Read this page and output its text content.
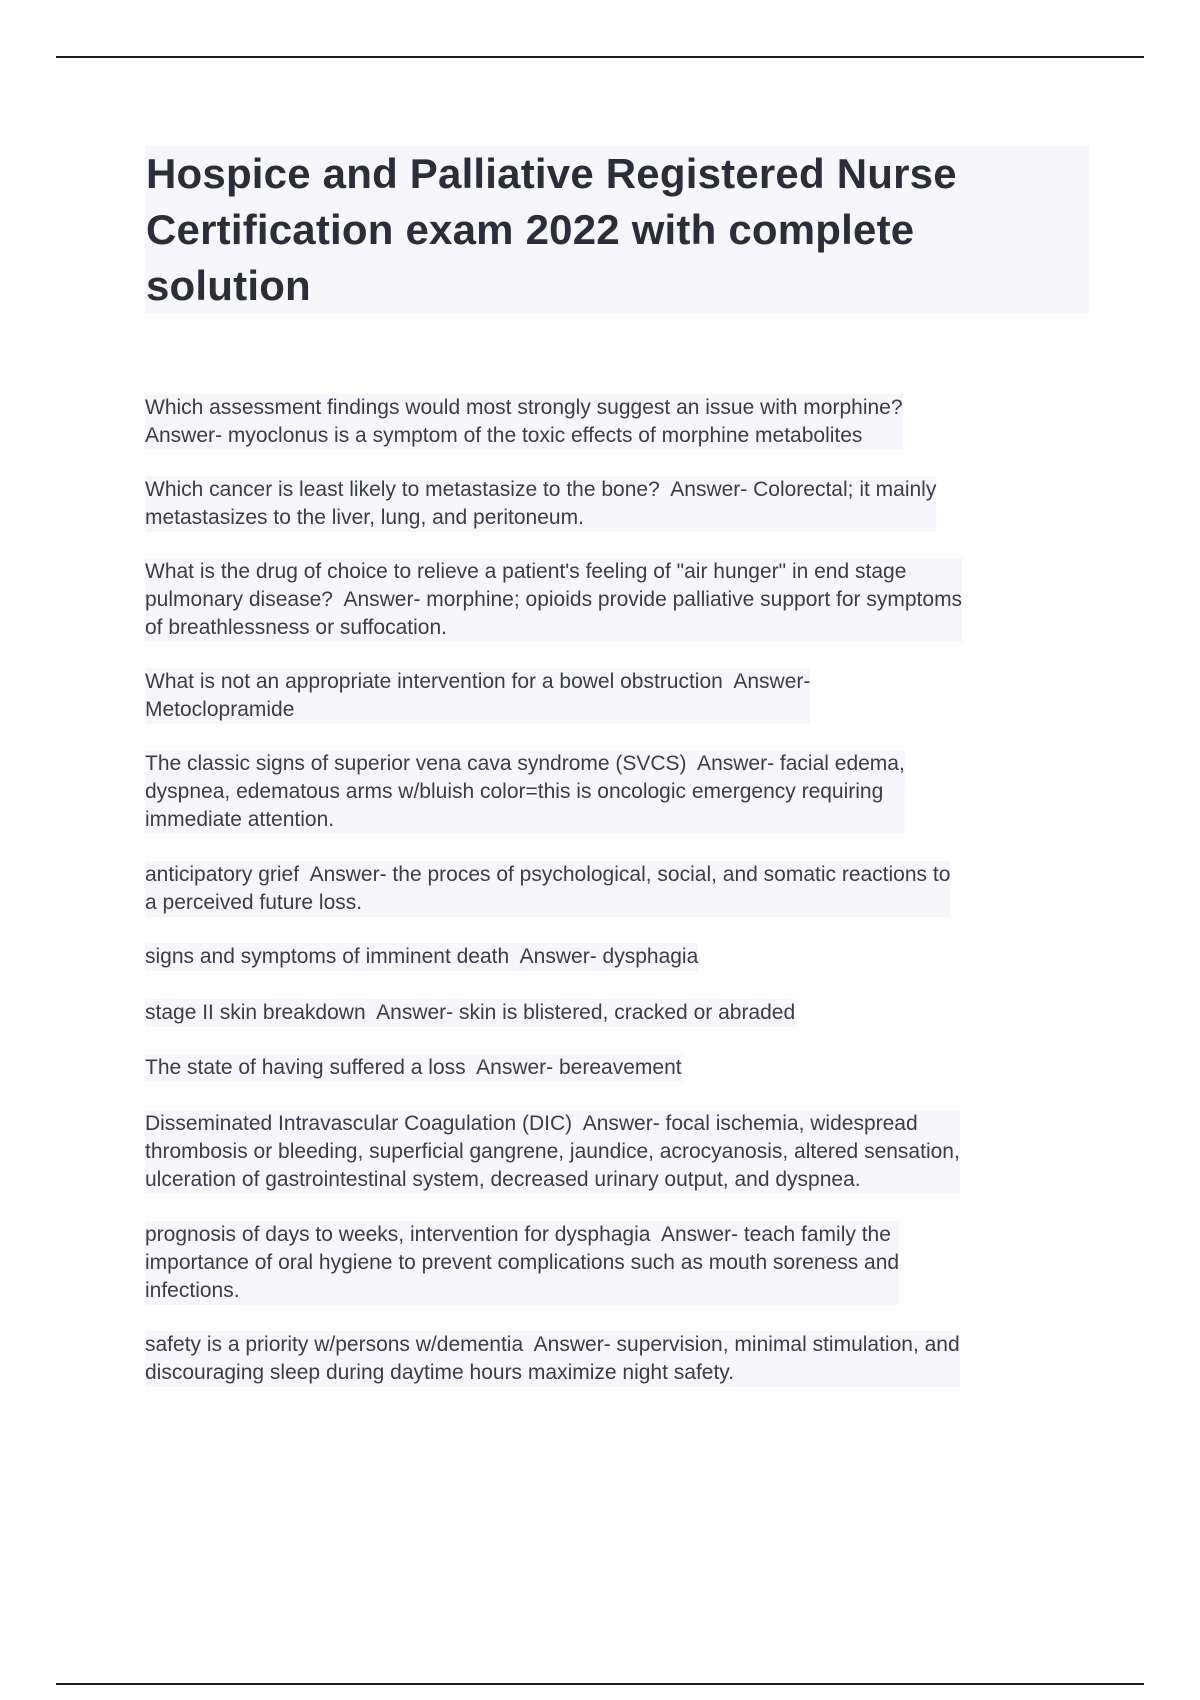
Hospice and Palliative Registered Nurse Certification exam 2022 with complete solution

Which assessment findings would most strongly suggest an issue with morphine?
Answer- myoclonus is a symptom of the toxic effects of morphine metabolites

Which cancer is least likely to metastasize to the bone?  Answer- Colorectal; it mainly
metastasizes to the liver, lung, and peritoneum.

What is the drug of choice to relieve a patient's feeling of "air hunger" in end stage
pulmonary disease?  Answer- morphine; opioids provide palliative support for symptoms
of breathlessness or suffocation.

What is not an appropriate intervention for a bowel obstruction  Answer-
Metoclopramide

The classic signs of superior vena cava syndrome (SVCS)  Answer- facial edema,
dyspnea, edematous arms w/bluish color=this is oncologic emergency requiring
immediate attention.

anticipatory grief  Answer- the proces of psychological, social, and somatic reactions to
a perceived future loss.

signs and symptoms of imminent death  Answer- dysphagia

stage II skin breakdown  Answer- skin is blistered, cracked or abraded

The state of having suffered a loss  Answer- bereavement

Disseminated Intravascular Coagulation (DIC)  Answer- focal ischemia, widespread
thrombosis or bleeding, superficial gangrene, jaundice, acrocyanosis, altered sensation,
ulceration of gastrointestinal system, decreased urinary output, and dyspnea.

prognosis of days to weeks, intervention for dysphagia  Answer- teach family the
importance of oral hygiene to prevent complications such as mouth soreness and
infections.

safety is a priority w/persons w/dementia  Answer- supervision, minimal stimulation, and
discouraging sleep during daytime hours maximize night safety.
